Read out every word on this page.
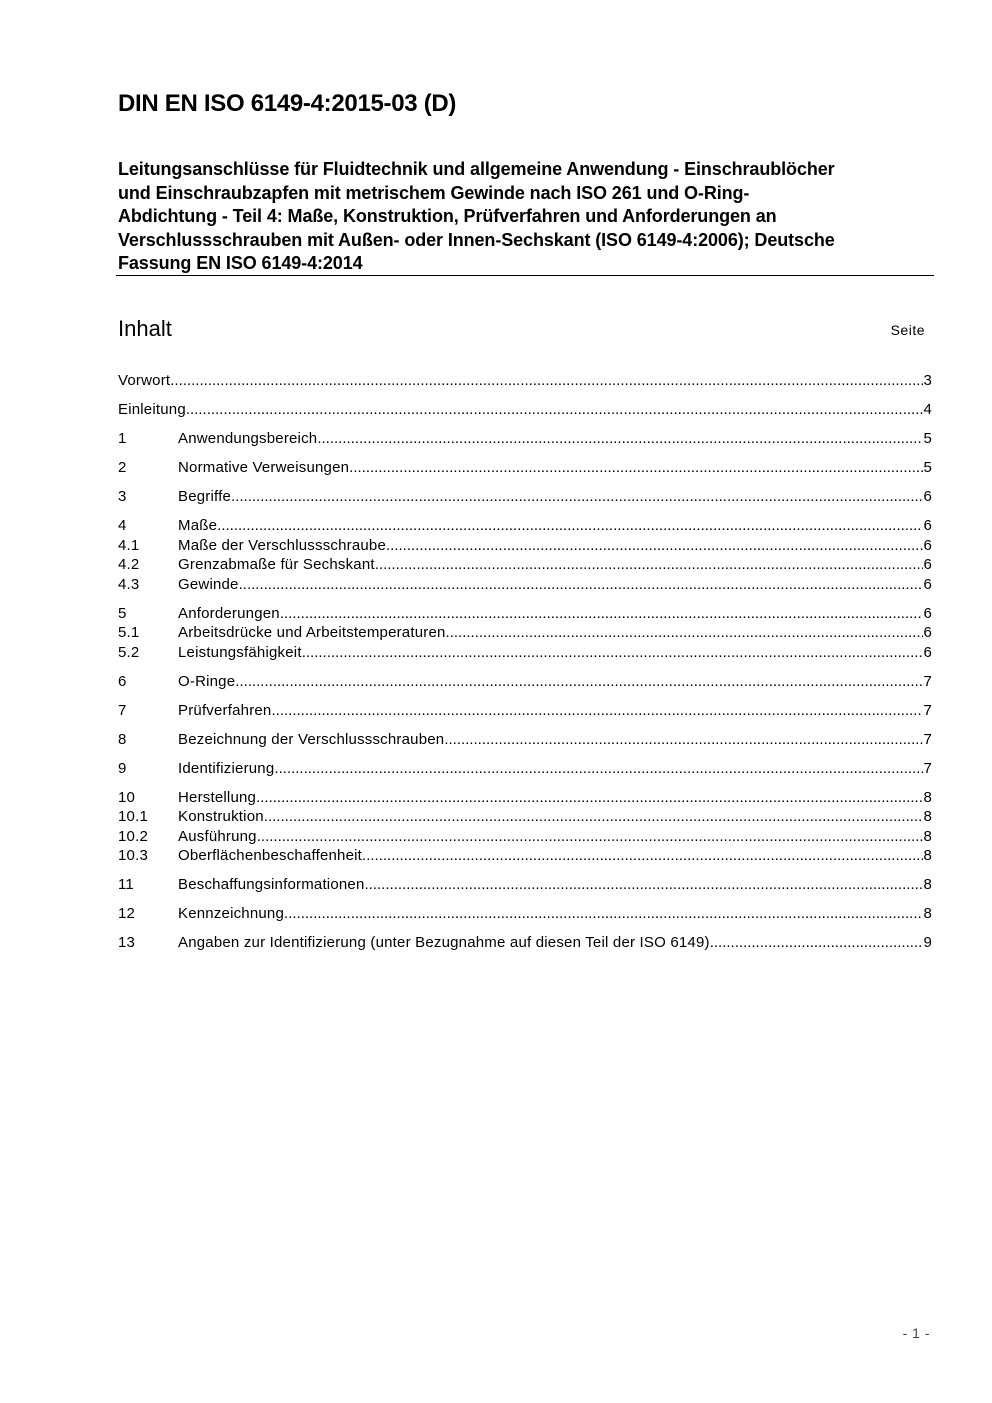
DIN EN ISO 6149-4:2015-03 (D)
Leitungsanschlüsse für Fluidtechnik und allgemeine Anwendung - Einschraublöcher
und Einschraubzapfen mit metrischem Gewinde nach ISO 261 und O-Ring-
Abdichtung - Teil 4: Maße, Konstruktion, Prüfverfahren und Anforderungen an
Verschlussschrauben mit Außen- oder Innen-Sechskant (ISO 6149-4:2006); Deutsche
Fassung EN ISO 6149-4:2014
Inhalt	Seite
Vorwort .....	3
Einleitung .....	4
1	Anwendungsbereich .....	5
2	Normative Verweisungen .....	5
3	Begriffe .....	6
4	Maße .....	6
4.1	Maße der Verschlussschraube .....	6
4.2	Grenzabmaße für Sechskant .....	6
4.3	Gewinde .....	6
5	Anforderungen .....	6
5.1	Arbeitsdrücke und Arbeitstemperaturen .....	6
5.2	Leistungsfähigkeit .....	6
6	O-Ringe .....	7
7	Prüfverfahren .....	7
8	Bezeichnung der Verschlussschrauben .....	7
9	Identifizierung .....	7
10	Herstellung .....	8
10.1	Konstruktion .....	8
10.2	Ausführung .....	8
10.3	Oberflächenbeschaffenheit .....	8
11	Beschaffungsinformationen .....	8
12	Kennzeichnung .....	8
13	Angaben zur Identifizierung (unter Bezugnahme auf diesen Teil der ISO 6149) .....	9
- 1 -
